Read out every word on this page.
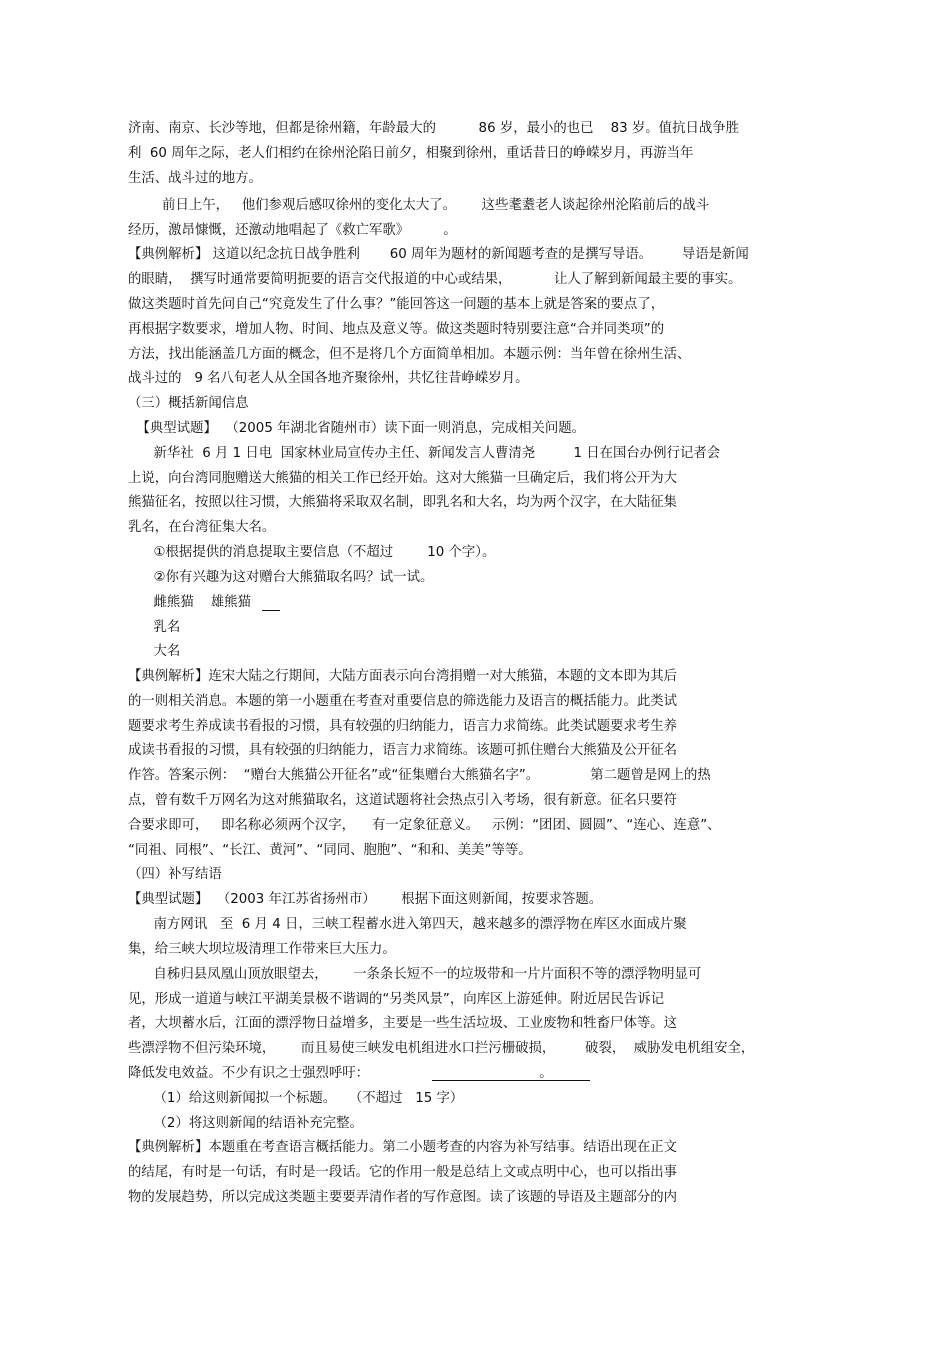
济南、南京、长沙等地，但都是徐州籍，年龄最大的          86 岁，最小的也已    83 岁。值抗日战争胜
利  60 周年之际，老人们相约在徐州沦陷日前夕，相聚到徐州，重话昔日的峥嵘岁月，再游当年
生活、战斗过的地方。
前日上午，   他们参观后感叹徐州的变化太大了。      这些耄耋老人谈起徐州沦陷前后的战斗
经历，激昂慷慨，还激动地唱起了《救亡军歌》        。
【典例解析】 这道以纪念抗日战争胜利       60 周年为题材的新闻题考查的是撰写导语。       导语是新闻
的眼睛，  撰写时通常要简明扼要的语言交代报道的中心或结果，          让人了解到新闻最主要的事实。
做这类题时首先问自己“究竟发生了什么事？”能回答这一问题的基本上就是答案的要点了，
再根据字数要求，增加人物、时间、地点及意义等。做这类题时特别要注意“合并同类项”的
方法，找出能涵盖几方面的概念，但不是将几个方面简单相加。本题示例：当年曾在徐州生活、
战斗过的   9 名八旬老人从全国各地齐聚徐州，共忆往昔峥嵘岁月。
（三）概括新闻信息
【典型试题】  （2005 年湖北省随州市）读下面一则消息，完成相关问题。
新华社  6 月 1 日电  国家林业局宣传办主任、新闻发言人曹清尧         1 日在国台办例行记者会
上说，向台湾同胞赠送大熊猫的相关工作已经开始。这对大熊猫一旦确定后，我们将公开为大
熊猫征名，按照以往习惯，大熊猫将采取双名制，即乳名和大名，均为两个汉字，在大陆征集
乳名，在台湾征集大名。
①根据提供的消息提取主要信息（不超过        10 个字）。
②你有兴趣为这对赠台大熊猫取名吗？试一试。
雌熊猫    雄熊猫
乳名
大名
【典例解析】连宋大陆之行期间，大陆方面表示向台湾捐赠一对大熊猫，本题的文本即为其后
的一则相关消息。本题的第一小题重在考查对重要信息的筛选能力及语言的概括能力。此类试
题要求考生养成读书看报的习惯，具有较强的归纳能力，语言力求简练。此类试题要求考生养
成读书看报的习惯，具有较强的归纳能力，语言力求简练。该题可抓住赠台大熊猫及公开征名
作答。答案示例：  “赠台大熊猫公开征名”或“征集赠台大熊猫名字”。            第二题曾是网上的热
点，曾有数千万网名为这对熊猫取名，这道试题将社会热点引入考场，很有新意。征名只要符
合要求即可，   即名称必须两个汉字，    有一定象征意义。   示例：“团团、圆圆”、“连心、连意”、
“同祖、同根”、“长江、黄河”、“同同、胞胞”、“和和、美美”等等。
（四）补写结语
【典型试题】  （2003 年江苏省扬州市）      根据下面这则新闻，按要求答题。
南方网讯   至  6 月 4 日，三峡工程蓄水进入第四天，越来越多的漂浮物在库区水面成片聚
集，给三峡大坝垃圾清理工作带来巨大压力。
自秭归县凤凰山顶放眼望去，      一条条长短不一的垃圾带和一片片面积不等的漂浮物明显可
见，形成一道道与峡江平湖美景极不谐调的“另类风景”，向库区上游延伸。附近居民告诉记
者，大坝蓄水后，江面的漂浮物日益增多，主要是一些生活垃圾、工业废物和牲畜尸体等。这
些漂浮物不但污染环境，      而且易使三峡发电机组进水口拦污栅破损，       破裂，  威胁发电机组安全，
降低发电效益。不少有识之士强烈呼吁：                                        。
（1）给这则新闻拟一个标题。   （不超过   15 字）
（2）将这则新闻的结语补充完整。
【典例解析】本题重在考查语言概括能力。第二小题考查的内容为补写结事。结语出现在正文
的结尾，有时是一句话，有时是一段话。它的作用一般是总结上文或点明中心，也可以指出事
物的发展趋势，所以完成这类题主要要弄清作者的写作意图。读了该题的导语及主题部分的内
